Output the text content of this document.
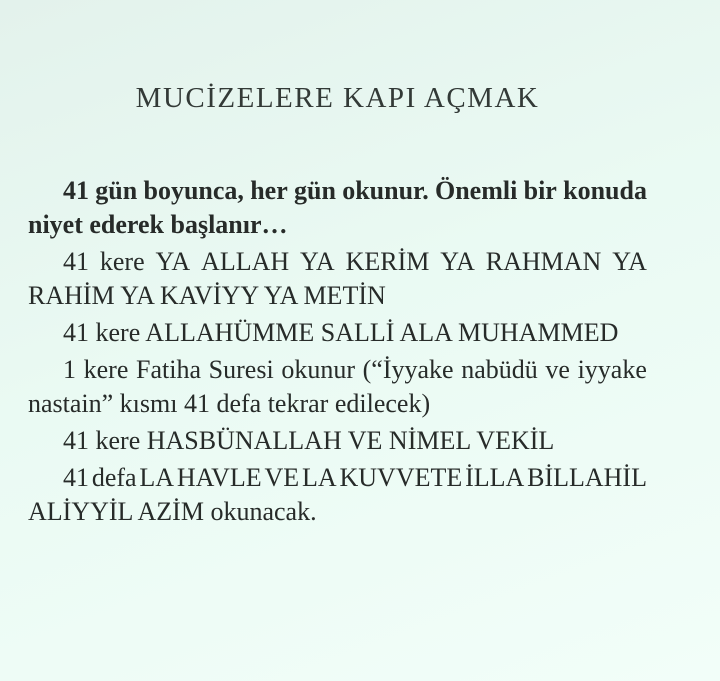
MUCİZELERE KAPI AÇMAK
41 gün boyunca, her gün okunur. Önemli bir konuda
niyet ederek başlanır…
41 kere YA ALLAH YA KERİM YA RAHMAN YA
RAHİM YA KAVİYY YA METİN
41 kere ALLAHÜMME SALLİ ALA MUHAMMED
1 kere Fatiha Suresi okunur (“İyyake nabüdü ve iyyake
nastain” kısmı 41 defa tekrar edilecek)
41 kere HASBÜNALLAH VE NİMEL VEKİL
41 defa LA HAVLE VE LA KUVVETE İLLA BİLLAHİL
ALİYYİL AZİM okunacak.
